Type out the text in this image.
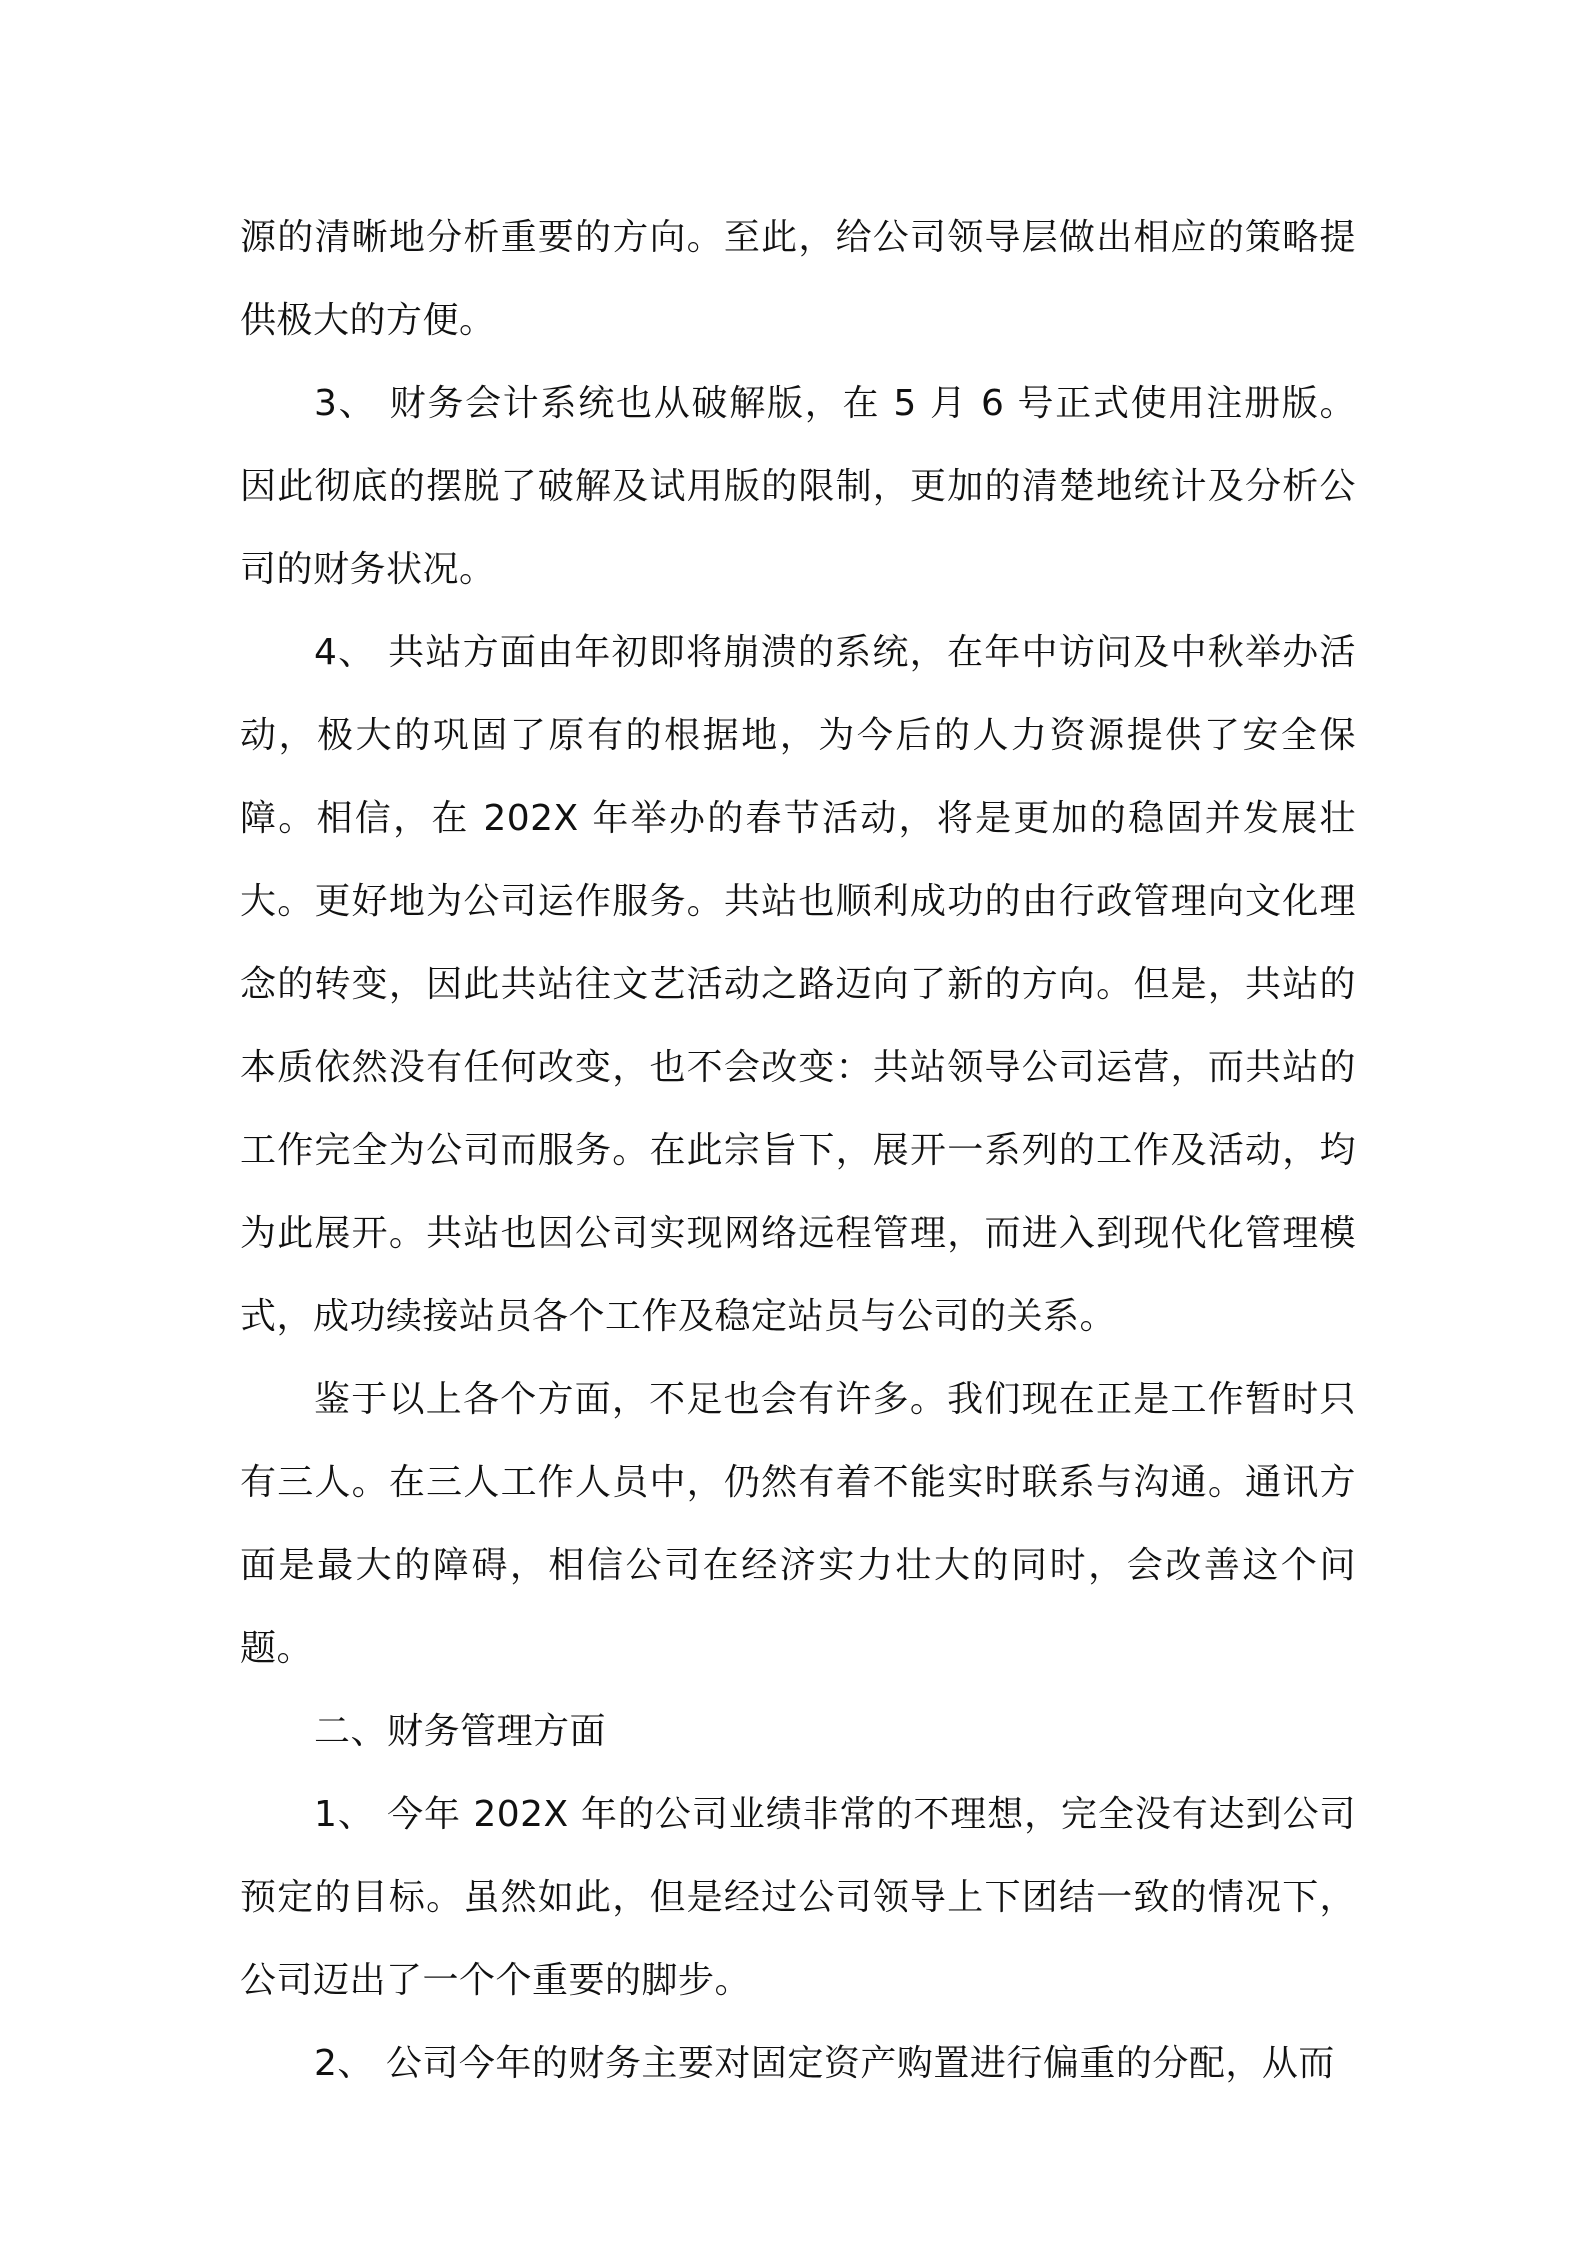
源的清晰地分析重要的方向。至此，给公司领导层做出相应的策略提供极大的方便。

3、 财务会计系统也从破解版，在 5 月 6 号正式使用注册版。因此彻底的摆脱了破解及试用版的限制，更加的清楚地统计及分析公司的财务状况。

4、 共站方面由年初即将崩溃的系统，在年中访问及中秋举办活动，极大的巩固了原有的根据地，为今后的人力资源提供了安全保障。相信，在 202X 年举办的春节活动，将是更加的稳固并发展壮大。更好地为公司运作服务。共站也顺利成功的由行政管理向文化理念的转变，因此共站往文艺活动之路迈向了新的方向。但是，共站的本质依然没有任何改变，也不会改变：共站领导公司运营，而共站的工作完全为公司而服务。在此宗旨下，展开一系列的工作及活动，均为此展开。共站也因公司实现网络远程管理，而进入到现代化管理模式，成功续接站员各个工作及稳定站员与公司的关系。

鉴于以上各个方面，不足也会有许多。我们现在正是工作暂时只有三人。在三人工作人员中，仍然有着不能实时联系与沟通。通讯方面是最大的障碍，相信公司在经济实力壮大的同时，会改善这个问题。

二、财务管理方面

1、 今年 202X 年的公司业绩非常的不理想，完全没有达到公司预定的目标。虽然如此，但是经过公司领导上下团结一致的情况下，公司迈出了一个个重要的脚步。

2、 公司今年的财务主要对固定资产购置进行偏重的分配，从而
